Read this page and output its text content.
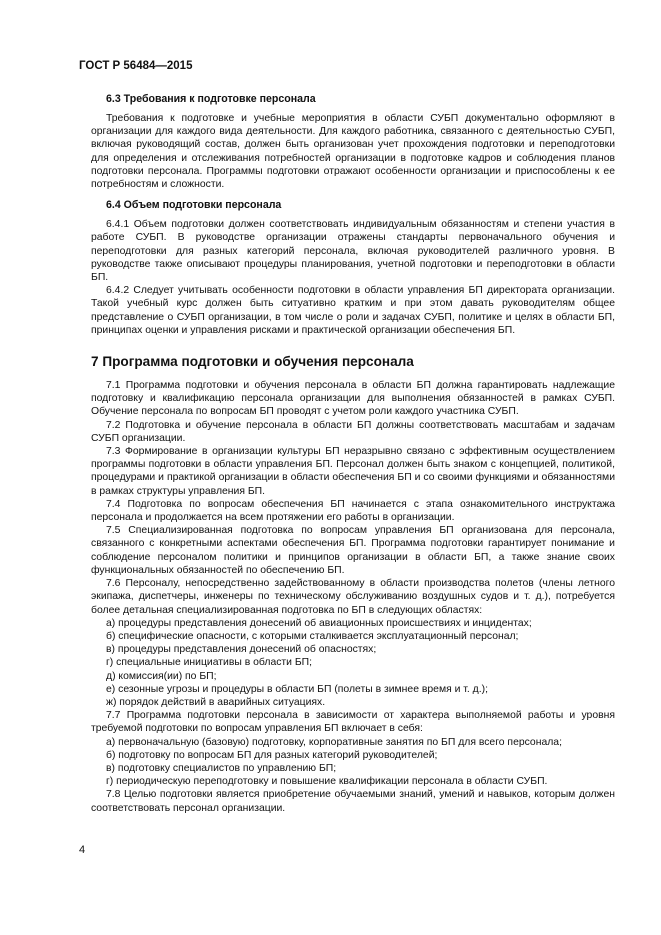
ГОСТ Р 56484—2015
6.3 Требования к подготовке персонала

Требования к подготовке и учебные мероприятия в области СУБП документально оформляют в организации для каждого вида деятельности. Для каждого работника, связанного с деятельностью СУБП, включая руководящий состав, должен быть организован учет прохождения подготовки и переподготовки для определения и отслеживания потребностей организации в подготовке кадров и соблюдения планов подготовки персонала. Программы подготовки отражают особенности организации и приспособлены к ее потребностям и сложности.

6.4 Объем подготовки персонала

6.4.1 Объем подготовки должен соответствовать индивидуальным обязанностям и степени участия в работе СУБП. В руководстве организации отражены стандарты первоначального обучения и переподготовки для разных категорий персонала, включая руководителей различного уровня. В руководстве также описывают процедуры планирования, учетной подготовки и переподготовки в области БП.

6.4.2 Следует учитывать особенности подготовки в области управления БП директората организации. Такой учебный курс должен быть ситуативно кратким и при этом давать руководителям общее представление о СУБП организации, в том числе о роли и задачах СУБП, политике и целях в области БП, принципах оценки и управления рисками и практической организации обеспечения БП.

7 Программа подготовки и обучения персонала

7.1 Программа подготовки и обучения персонала в области БП должна гарантировать надлежащие подготовку и квалификацию персонала организации для выполнения обязанностей в рамках СУБП. Обучение персонала по вопросам БП проводят с учетом роли каждого участника СУБП.

7.2 Подготовка и обучение персонала в области БП должны соответствовать масштабам и задачам СУБП организации.

7.3 Формирование в организации культуры БП неразрывно связано с эффективным осуществлением программы подготовки в области управления БП. Персонал должен быть знаком с концепцией, политикой, процедурами и практикой организации в области обеспечения БП и со своими функциями и обязанностями в рамках структуры управления БП.

7.4 Подготовка по вопросам обеспечения БП начинается с этапа ознакомительного инструктажа персонала и продолжается на всем протяжении его работы в организации.

7.5 Специализированная подготовка по вопросам управления БП организована для персонала, связанного с конкретными аспектами обеспечения БП. Программа подготовки гарантирует понимание и соблюдение персоналом политики и принципов организации в области БП, а также знание своих функциональных обязанностей по обеспечению БП.

7.6 Персоналу, непосредственно задействованному в области производства полетов (члены летного экипажа, диспетчеры, инженеры по техническому обслуживанию воздушных судов и т. д.), потребуется более детальная специализированная подготовка по БП в следующих областях:

а) процедуры представления донесений об авиационных происшествиях и инцидентах;

б) специфические опасности, с которыми сталкивается эксплуатационный персонал;

в) процедуры представления донесений об опасностях;

г) специальные инициативы в области БП;

д) комиссия(ии) по БП;

е) сезонные угрозы и процедуры в области БП (полеты в зимнее время и т. д.);

ж) порядок действий в аварийных ситуациях.

7.7 Программа подготовки персонала в зависимости от характера выполняемой работы и уровня требуемой подготовки по вопросам управления БП включает в себя:

а) первоначальную (базовую) подготовку, корпоративные занятия по БП для всего персонала;

б) подготовку по вопросам БП для разных категорий руководителей;

в) подготовку специалистов по управлению БП;

г) периодическую переподготовку и повышение квалификации персонала в области СУБП.

7.8 Целью подготовки является приобретение обучаемыми знаний, умений и навыков, которым должен соответствовать персонал организации.

4
